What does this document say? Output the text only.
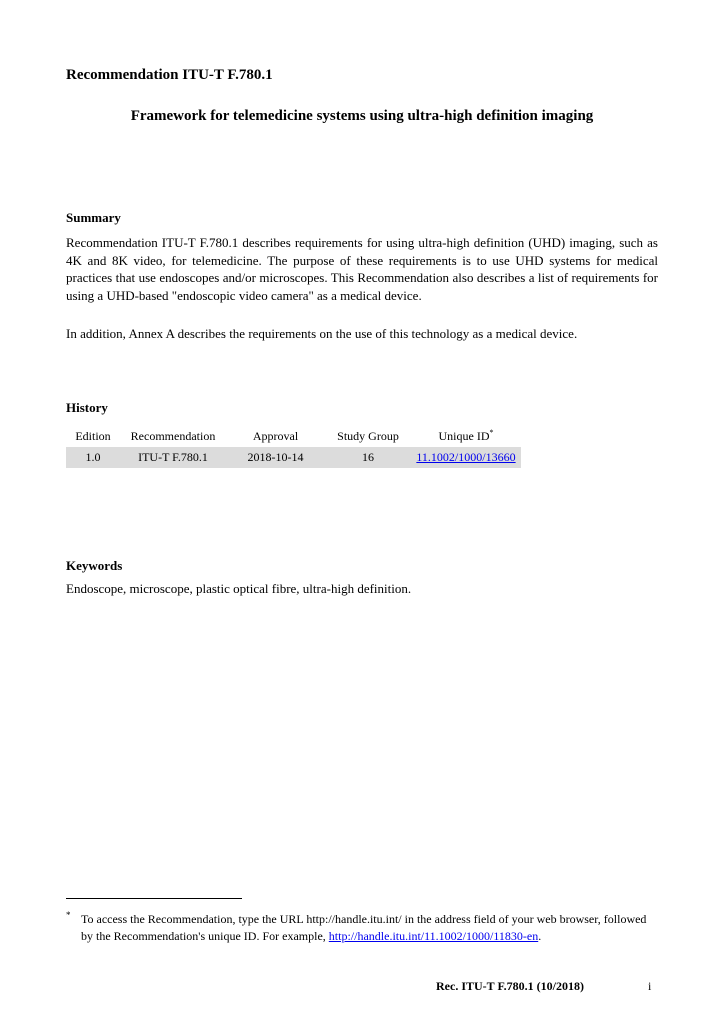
Recommendation ITU-T F.780.1
Framework for telemedicine systems using ultra-high definition imaging
Summary
Recommendation ITU-T F.780.1 describes requirements for using ultra-high definition (UHD) imaging, such as 4K and 8K video, for telemedicine. The purpose of these requirements is to use UHD systems for medical practices that use endoscopes and/or microscopes. This Recommendation also describes a list of requirements for using a UHD-based "endoscopic video camera" as a medical device.
In addition, Annex A describes the requirements on the use of this technology as a medical device.
History
Edition	Recommendation	Approval	Study Group	Unique ID*
1.0	ITU-T F.780.1	2018-10-14	16	11.1002/1000/13660
Keywords
Endoscope, microscope, plastic optical fibre, ultra-high definition.
* To access the Recommendation, type the URL http://handle.itu.int/ in the address field of your web browser, followed by the Recommendation's unique ID. For example, http://handle.itu.int/11.1002/1000/11830-en.
Rec. ITU-T F.780.1 (10/2018)	i
